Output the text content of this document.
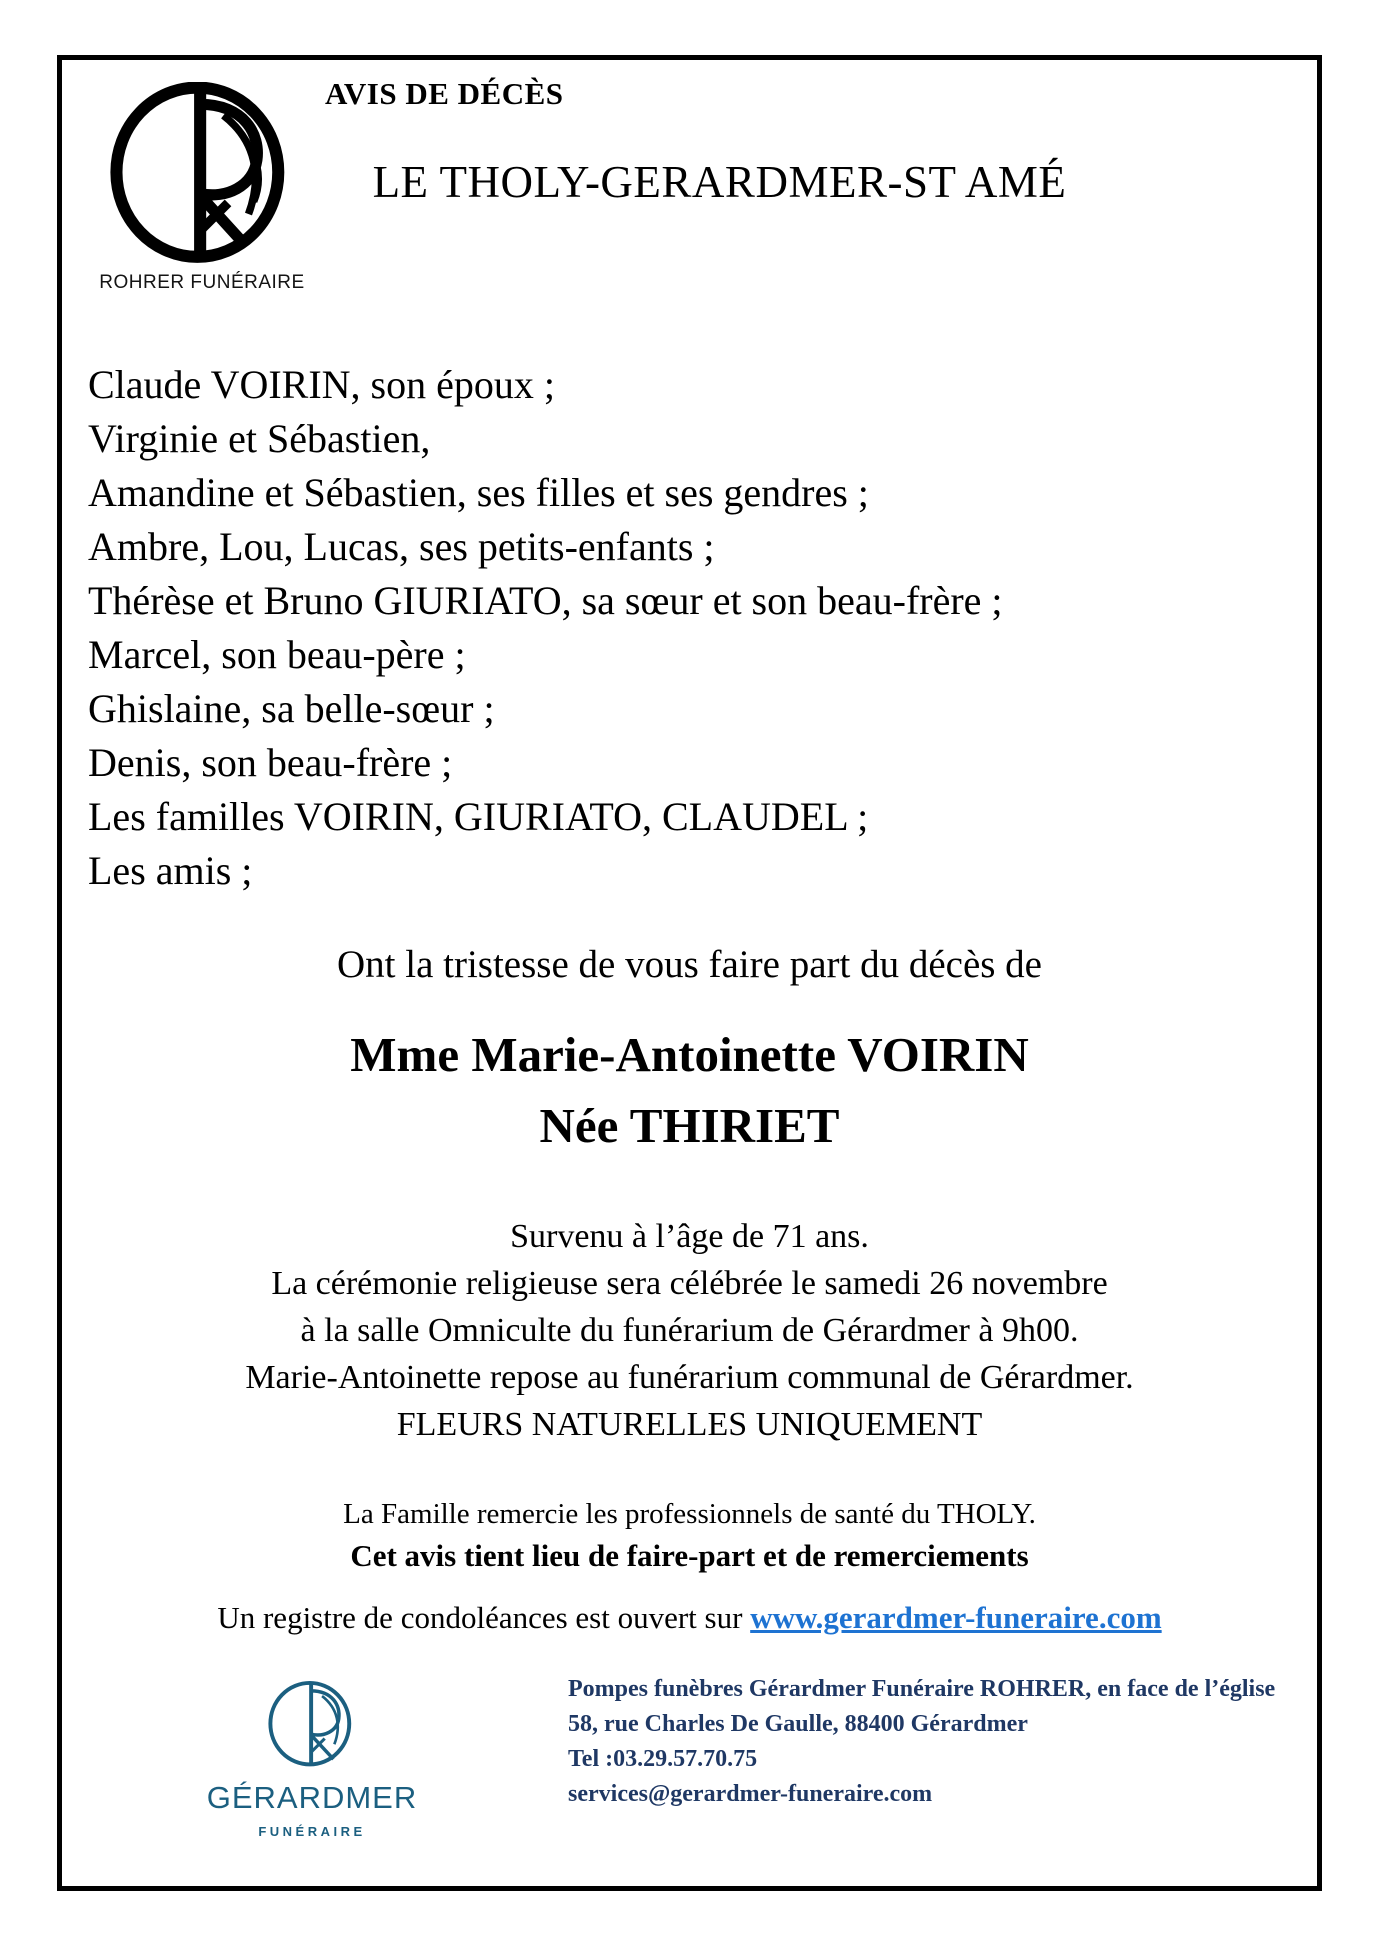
ROHRER FUNÉRAIRE
AVIS DE DÉCÈS
LE THOLY-GERARDMER-ST AMÉ
Claude VOIRIN, son époux ;
Virginie et Sébastien,
Amandine et Sébastien, ses filles et ses gendres ;
Ambre, Lou, Lucas, ses petits-enfants ;
Thérèse et Bruno GIURIATO, sa sœur et son beau-frère ;
Marcel, son beau-père ;
Ghislaine, sa belle-sœur ;
Denis, son beau-frère ;
Les familles VOIRIN, GIURIATO, CLAUDEL ;
Les amis ;
Ont la tristesse de vous faire part du décès de
Mme Marie-Antoinette VOIRIN
Née THIRIET
Survenu à l’âge de 71 ans.
La cérémonie religieuse sera célébrée le samedi 26 novembre
à la salle Omniculte du funérarium de Gérardmer à 9h00.
Marie-Antoinette repose au funérarium communal de Gérardmer.
FLEURS NATURELLES UNIQUEMENT
La Famille remercie les professionnels de santé du THOLY.
Cet avis tient lieu de faire-part et de remerciements
Un registre de condoléances est ouvert sur www.gerardmer-funeraire.com
GÉRARDMER
FUNÉRAIRE
Pompes funèbres Gérardmer Funéraire ROHRER, en face de l’église
58, rue Charles De Gaulle, 88400 Gérardmer
Tel :03.29.57.70.75
services@gerardmer-funeraire.com
